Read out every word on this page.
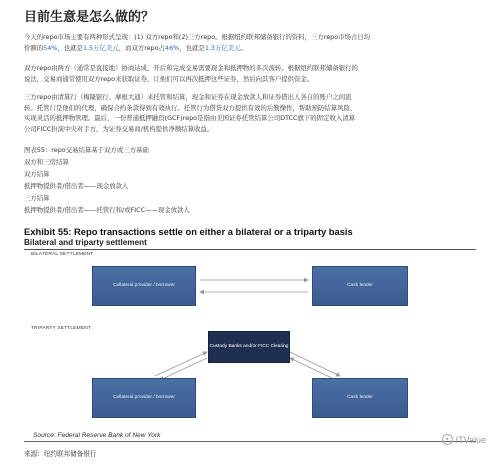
目前生意是怎么做的？
今天的repo市场主要有两种形式呈现：(1) 双方repo和(2)三方repo。根据纽约联邦储备银行的资料，三方repo市场占日均
价额的54%，也就是1.5万亿美元，而双方repo占46%，也就是1.3万亿美元。
双方repo由两方（通常是直接地）协商达成，开后和完成交易需要现金和抵押物的多次流转。根据纽约联邦储备银行的
说法，交易商通常使用双方repo来获取证券，让他们可以再次抵押这些证券，然后向其客户提供资金。
三方repo由清算行（梅隆银行、摩根大通）来托管和结算，现金和证券在现金放款人和证券借出人各自的账户之间流
转。托管行是他们的代理，确保合约条款得到有效执行。托管行为借贷双方提供有效的后勤操作，帮助预防结算风险、
实现灵活的抵押物管理。最后，一份普通抵押融资(GCF)repo是指由美国证券托管结算公司DTCC旗下的固定收入清算
公司FICC扮演中央对手方，为证券交易商/机构提供净额结算收益。
图表55：repo交易结算基于双方或三方基础
双方和三房结算
双方结算
抵押物提供者/借出者——现金放款人
三方结算
抵押物提供者/借出者——托管行和/或FICC——现金放款人
Exhibit 55: Repo transactions settle on either a bilateral or a triparty basis
Bilateral and triparty settlement
BILATERAL SETTLEMENT
TRIPARTY SETTLEMENT
Collateral provider / borrower	Cash lender
Custody Banks and/or FICC Clearing
Collateral provider / borrower	Cash lender
Source: Federal Reserve Bank of New York
来源：纽约联邦储备银行
✦ ITValue
